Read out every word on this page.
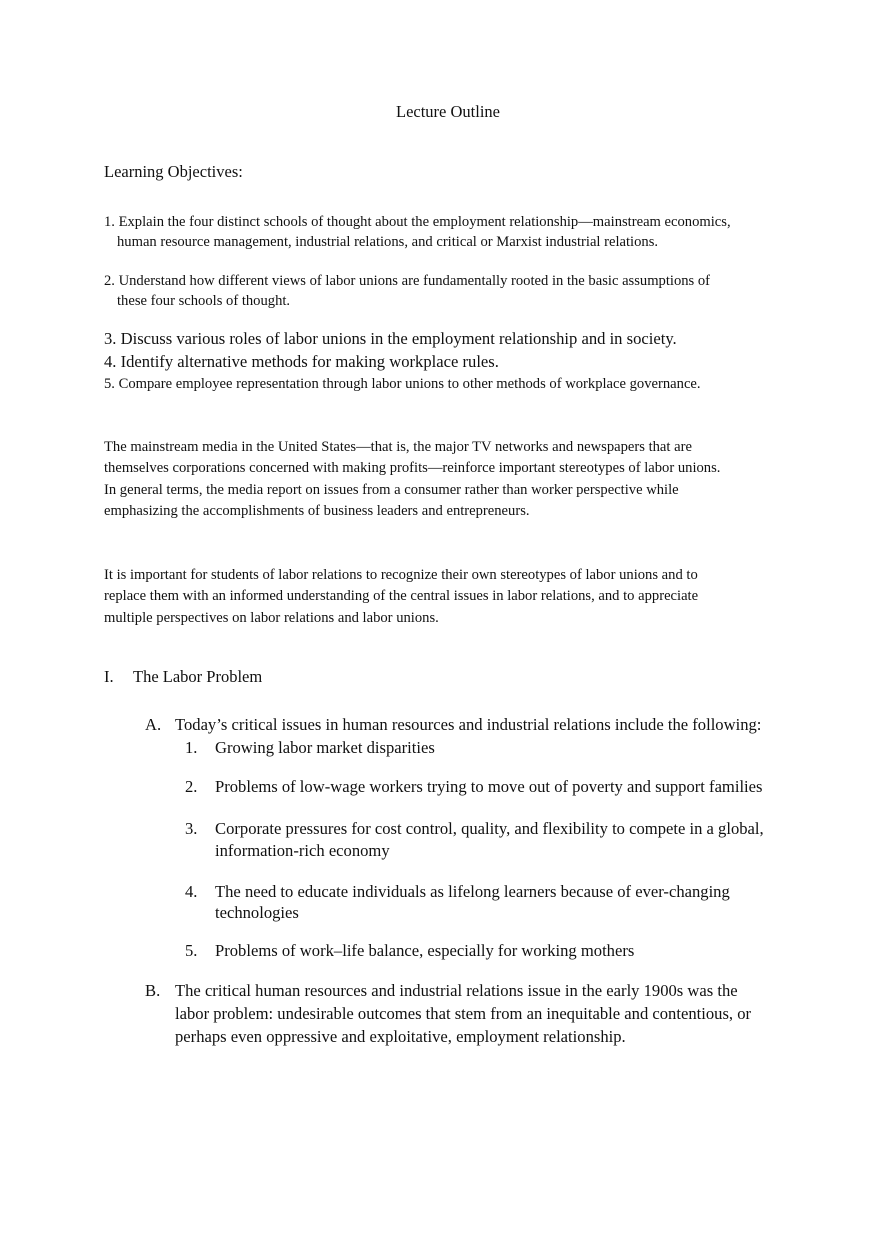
Lecture Outline
Learning Objectives:
1. Explain the four distinct schools of thought about the employment relationship—mainstream economics,
human resource management, industrial relations, and critical or Marxist industrial relations.
2. Understand how different views of labor unions are fundamentally rooted in the basic assumptions of
these four schools of thought.
3. Discuss various roles of labor unions in the employment relationship and in society.
4. Identify alternative methods for making workplace rules.
5. Compare employee representation through labor unions to other methods of workplace governance.
The mainstream media in the United States—that is, the major TV networks and newspapers that are
themselves corporations concerned with making profits—reinforce important stereotypes of labor unions.
In general terms, the media report on issues from a consumer rather than worker perspective while
emphasizing the accomplishments of business leaders and entrepreneurs.
It is important for students of labor relations to recognize their own stereotypes of labor unions and to
replace them with an informed understanding of the central issues in labor relations, and to appreciate
multiple perspectives on labor relations and labor unions.
I. The Labor Problem
A. Today’s critical issues in human resources and industrial relations include the following:
1. Growing labor market disparities
2. Problems of low-wage workers trying to move out of poverty and support families
3. Corporate pressures for cost control, quality, and flexibility to compete in a global,
information-rich economy
4. The need to educate individuals as lifelong learners because of ever-changing
technologies
5. Problems of work–life balance, especially for working mothers
B. The critical human resources and industrial relations issue in the early 1900s was the
labor problem: undesirable outcomes that stem from an inequitable and contentious, or
perhaps even oppressive and exploitative, employment relationship.
